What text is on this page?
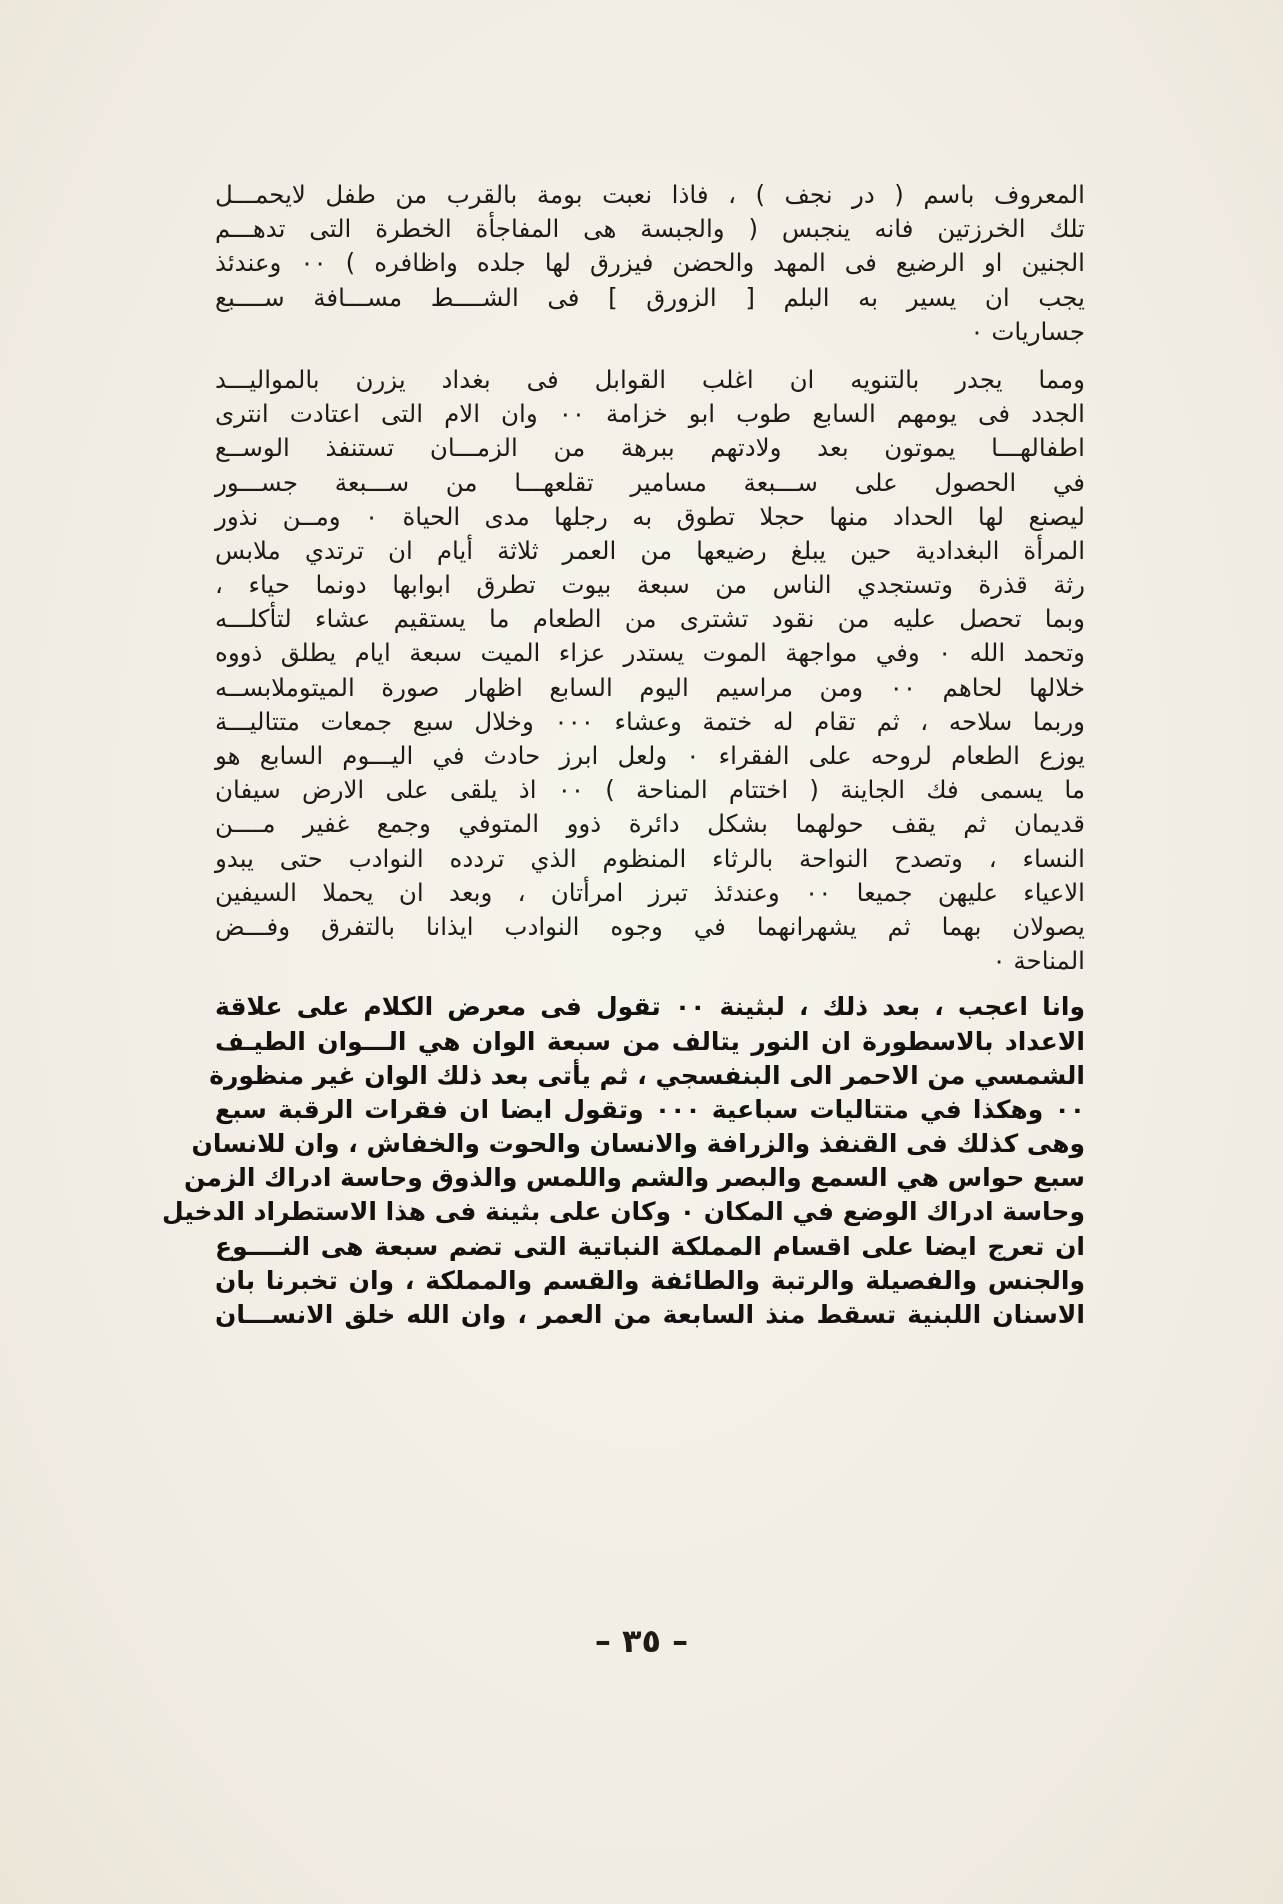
المعروف باسم ( در نجف ) ، فاذا نعبت بومة بالقرب من طفل لايحمـــل
تلك الخرزتين فانه ينجبس ( والجبسة هى المفاجأة الخطرة التى تدهـــم
الجنين او الرضيع فى المهد والحضن فيزرق لها جلده واظافره ) ٠٠ وعندئذ
يجب ان يسير به البلم [ الزورق ] فى الشــــط مســـافة ســــبع
جساريات ٠
ومما يجدر بالتنويه ان اغلب القوابل فى بغداد يزرن بالمواليـــد
الجدد فى يومهم السابع طوب ابو خزامة ٠٠ وان الام التى اعتادت انترى
اطفالهـــا يموتون بعد ولادتهم ببرهة من الزمـــان تستنفذ الوســع
في الحصول على ســـبعة مسامير تقلعهـــا من ســـبعة جســـور
ليصنع لها الحداد منها حجلا تطوق به رجلها مدى الحياة ٠ ومــن نذور
المرأة البغدادية حين يبلغ رضيعها من العمر ثلاثة أيام ان ترتدي ملابس
رثة قذرة وتستجدي الناس من سبعة بيوت تطرق ابوابها دونما حياء ،
وبما تحصل عليه من نقود تشترى من الطعام ما يستقيم عشاء لتأكلـــه
وتحمد الله ٠ وفي مواجهة الموت يستدر عزاء الميت سبعة ايام يطلق ذووه
خلالها لحاهم ٠٠ ومن مراسيم اليوم السابع اظهار صورة الميتوملابســه
وربما سلاحه ، ثم تقام له ختمة وعشاء ٠٠٠ وخلال سبع جمعات متتاليـــة
يوزع الطعام لروحه على الفقراء ٠ ولعل ابرز حادث في اليـــوم السابع هو
ما يسمى فك الجاينة ( اختتام المناحة ) ٠٠ اذ يلقى على الارض سيفان
قديمان ثم يقف حولهما بشكل دائرة ذوو المتوفي وجمع غفير مــــن
النساء ، وتصدح النواحة بالرثاء المنظوم الذي تردده النوادب حتى يبدو
الاعياء عليهن جميعا ٠٠ وعندئذ تبرز امرأتان ، وبعد ان يحملا السيفين
يصولان بهما ثم يشهرانهما في وجوه النوادب ايذانا بالتفرق وفـــض
المناحة ٠
وانا اعجب ، بعد ذلك ، لبثينة ٠٠ تقول فى معرض الكلام على علاقة
الاعداد بالاسطورة ان النور يتالف من سبعة الوان هي الـــوان الطيـف
الشمسي من الاحمر الى البنفسجي ، ثم يأتى بعد ذلك الوان غير منظورة
٠٠ وهكذا في متتاليات سباعية ٠٠٠ وتقول ايضا ان فقرات الرقبة سبع
وهى كذلك فى القنفذ والزرافة والانسان والحوت والخفاش ، وان للانسان
سبع حواس هي السمع والبصر والشم واللمس والذوق وحاسة ادراك الزمن
وحاسة ادراك الوضع في المكان ٠ وكان على بثينة فى هذا الاستطراد الدخيل
ان تعرج ايضا على اقسام المملكة النباتية التى تضم سبعة هى النــــوع
والجنس والفصيلة والرتبة والطائفة والقسم والمملكة ، وان تخبرنا بان
الاسنان اللبنية تسقط منذ السابعة من العمر ، وان الله خلق الانســـان
– ٣٥ –
